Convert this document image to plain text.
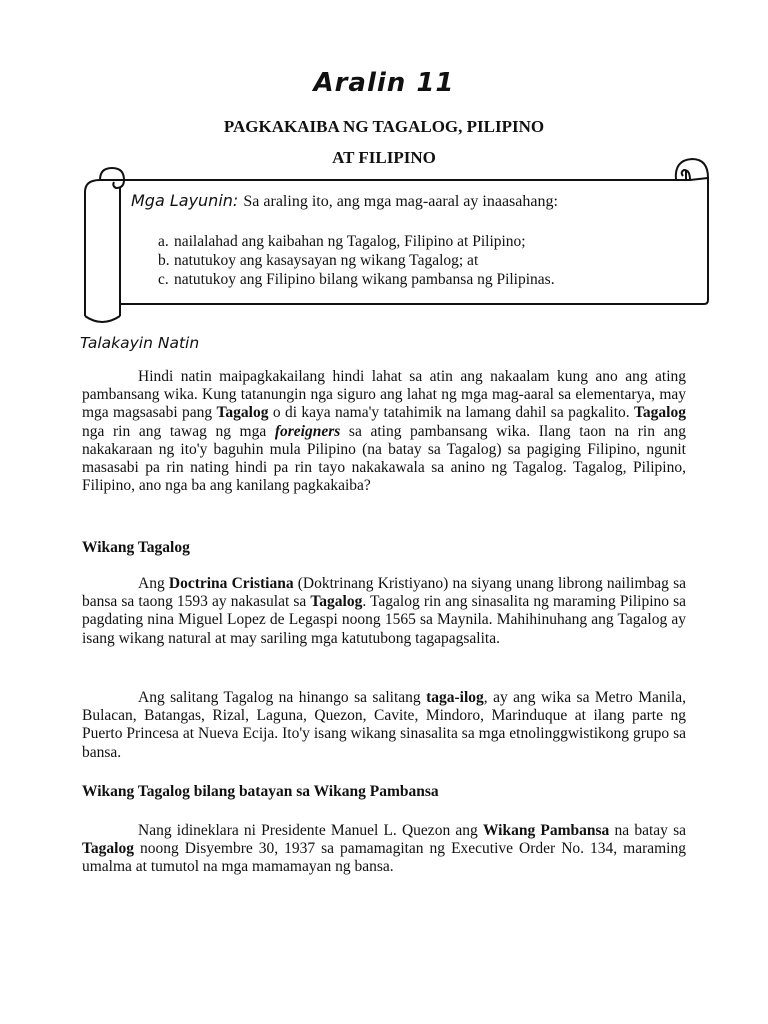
Aralin 11
PAGKAKAIBA NG TAGALOG, PILIPINO
AT FILIPINO
Mga Layunin: Sa araling ito, ang mga mag-aaral ay inaasahang:
a. nailalahad ang kaibahan ng Tagalog, Filipino at Pilipino;
b. natutukoy ang kasaysayan ng wikang Tagalog; at
c. natutukoy ang Filipino bilang wikang pambansa ng Pilipinas.
Talakayin Natin

Hindi natin maipagkakailang hindi lahat sa atin ang nakaalam kung ano ang ating pambansang wika. Kung tatanungin nga siguro ang lahat ng mga mag-aaral sa elementarya, may mga magsasabi pang Tagalog o di kaya nama'y tatahimik na lamang dahil sa pagkalito. Tagalog nga rin ang tawag ng mga foreigners sa ating pambansang wika. Ilang taon na rin ang nakakaraan ng ito'y baguhin mula Pilipino (na batay sa Tagalog) sa pagiging Filipino, ngunit masasabi pa rin nating hindi pa rin tayo nakakawala sa anino ng Tagalog. Tagalog, Pilipino, Filipino, ano nga ba ang kanilang pagkakaiba?

Wikang Tagalog

Ang Doctrina Cristiana (Doktrinang Kristiyano) na siyang unang librong nailimbag sa bansa sa taong 1593 ay nakasulat sa Tagalog. Tagalog rin ang sinasalita ng maraming Pilipino sa pagdating nina Miguel Lopez de Legaspi noong 1565 sa Maynila. Mahihinuhang ang Tagalog ay isang wikang natural at may sariling mga katutubong tagapagsalita.

Ang salitang Tagalog na hinango sa salitang taga-ilog, ay ang wika sa Metro Manila, Bulacan, Batangas, Rizal, Laguna, Quezon, Cavite, Mindoro, Marinduque at ilang parte ng Puerto Princesa at Nueva Ecija. Ito'y isang wikang sinasalita sa mga etnolinggwistikong grupo sa bansa.

Wikang Tagalog bilang batayan sa Wikang Pambansa

Nang idineklara ni Presidente Manuel L. Quezon ang Wikang Pambansa na batay sa Tagalog noong Disyembre 30, 1937 sa pamamagitan ng Executive Order No. 134, maraming umalma at tumutol na mga mamamayan ng bansa.
